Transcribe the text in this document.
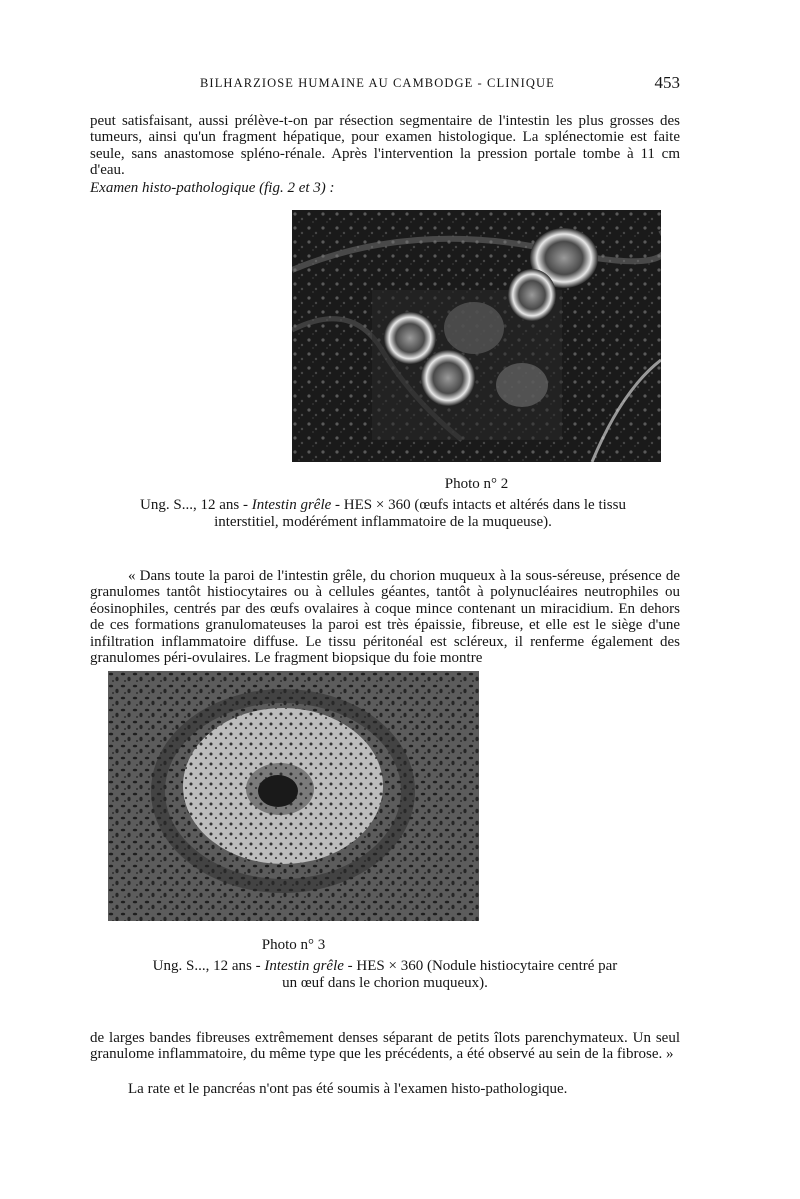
BILHARZIOSE HUMAINE AU CAMBODGE - CLINIQUE	453

peut satisfaisant, aussi prélève-t-on par résection segmentaire de l'intestin les plus grosses des tumeurs, ainsi qu'un fragment hépatique, pour examen histologique. La splénectomie est faite seule, sans anastomose spléno-rénale. Après l'intervention la pression portale tombe à 11 cm d'eau.

Examen histo-pathologique (fig. 2 et 3) :

Photo n° 2

Ung. S..., 12 ans - Intestin grêle - HES × 360 (œufs intacts et altérés dans le tissu interstitiel, modérément inflammatoire de la muqueuse).

« Dans toute la paroi de l'intestin grêle, du chorion muqueux à la sous-séreuse, présence de granulomes tantôt histiocytaires ou à cellules géantes, tantôt à polynucléaires neutrophiles ou éosinophiles, centrés par des œufs ovalaires à coque mince contenant un miracidium. En dehors de ces formations granulomateuses la paroi est très épaissie, fibreuse, et elle est le siège d'une infiltration inflammatoire diffuse. Le tissu péritonéal est scléreux, il renferme également des granulomes péri-ovulaires. Le fragment biopsique du foie montre

Photo n° 3

Ung. S..., 12 ans - Intestin grêle - HES × 360 (Nodule histiocytaire centré par un œuf dans le chorion muqueux).

de larges bandes fibreuses extrêmement denses séparant de petits îlots parenchymateux. Un seul granulome inflammatoire, du même type que les précédents, a été observé au sein de la fibrose. »

La rate et le pancréas n'ont pas été soumis à l'examen histo-pathologique.
